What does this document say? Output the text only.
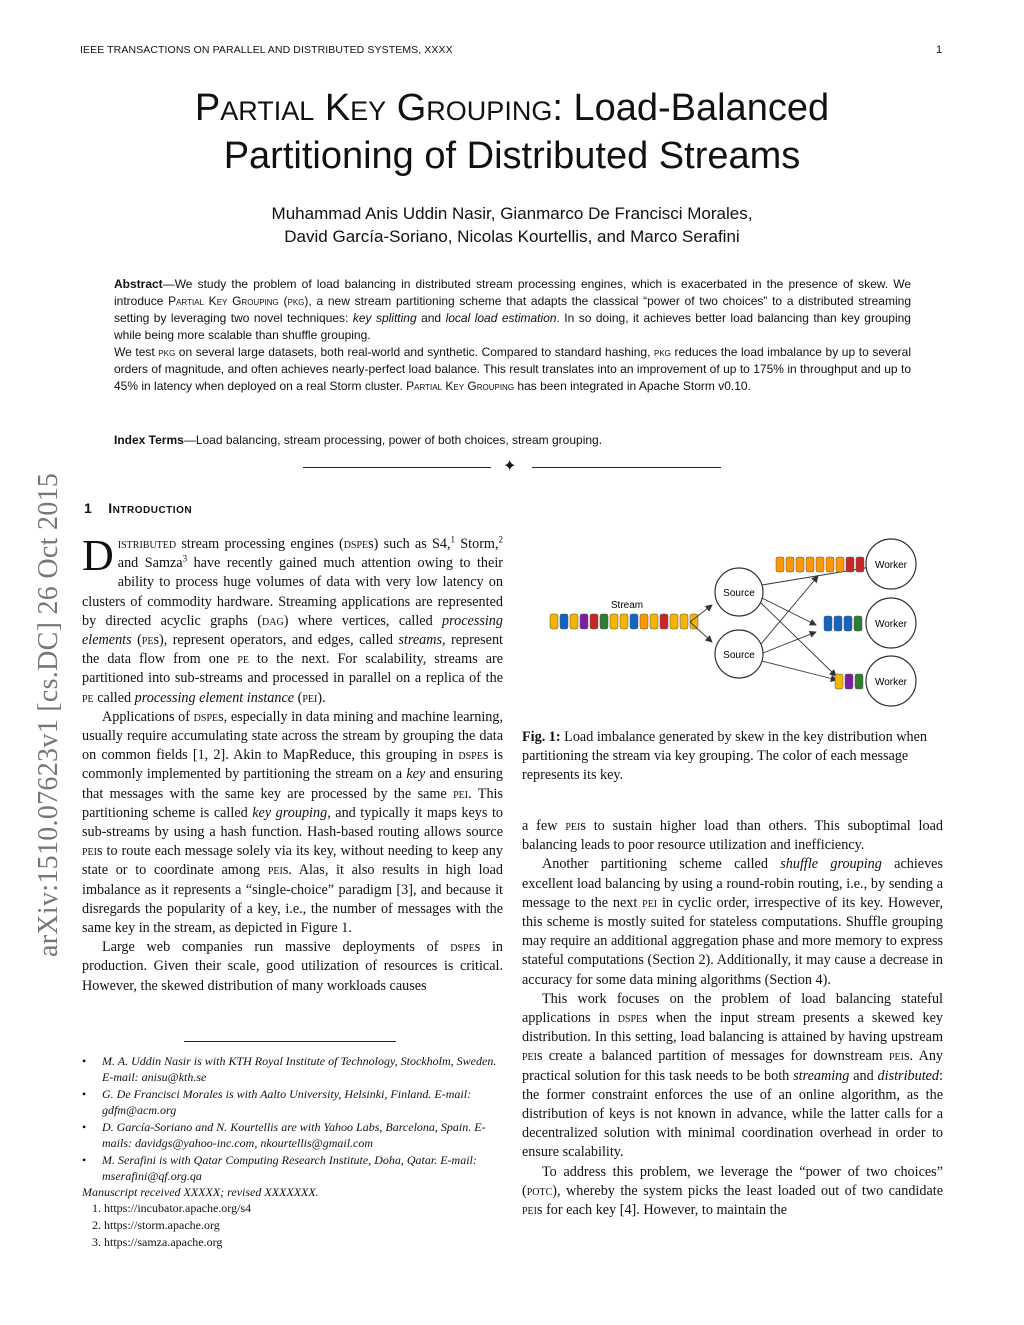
IEEE TRANSACTIONS ON PARALLEL AND DISTRIBUTED SYSTEMS, XXXX	1
arXiv:1510.07623v1 [cs.DC] 26 Oct 2015
Partial Key Grouping: Load-Balanced
Partitioning of Distributed Streams
Muhammad Anis Uddin Nasir, Gianmarco De Francisci Morales,
David García-Soriano, Nicolas Kourtellis, and Marco Serafini

Abstract—We study the problem of load balancing in distributed stream processing engines, which is exacerbated in the presence of skew. We introduce Partial Key Grouping (pkg), a new stream partitioning scheme that adapts the classical “power of two choices” to a distributed streaming setting by leveraging two novel techniques: key splitting and local load estimation. In so doing, it achieves better load balancing than key grouping while being more scalable than shuffle grouping.

We test pkg on several large datasets, both real-world and synthetic. Compared to standard hashing, pkg reduces the load imbalance by up to several orders of magnitude, and often achieves nearly-perfect load balance. This result translates into an improvement of up to 175% in throughput and up to 45% in latency when deployed on a real Storm cluster. Partial Key Grouping has been integrated in Apache Storm v0.10.

Index Terms—Load balancing, stream processing, power of both choices, stream grouping.
✦
1 Introduction

Distributed stream processing engines (dspes) such as S4,$^1$ Storm,$^2$ and Samza$^3$ have recently gained much attention owing to their ability to process huge volumes of data with very low latency on clusters of commodity hardware. Streaming applications are represented by directed acyclic graphs (dag) where vertices, called processing elements (pes), represent operators, and edges, called streams, represent the data flow from one pe to the next. For scalability, streams are partitioned into sub-streams and processed in parallel on a replica of the pe called processing element instance (pei).

Applications of dspes, especially in data mining and machine learning, usually require accumulating state across the stream by grouping the data on common fields [1, 2]. Akin to MapReduce, this grouping in dspes is commonly implemented by partitioning the stream on a key and ensuring that messages with the same key are processed by the same pei. This partitioning scheme is called key grouping, and typically it maps keys to sub-streams by using a hash function. Hash-based routing allows source peis to route each message solely via its key, without needing to keep any state or to coordinate among peis. Alas, it also results in high load imbalance as it represents a “single-choice” paradigm [3], and because it disregards the popularity of a key, i.e., the number of messages with the same key in the stream, as depicted in Figure 1.

Large web companies run massive deployments of dspes in production. Given their scale, good utilization of resources is critical. However, the skewed distribution of many workloads causes

• M. A. Uddin Nasir is with KTH Royal Institute of Technology, Stockholm, Sweden. E-mail: anisu@kth.se
• G. De Francisci Morales is with Aalto University, Helsinki, Finland. E-mail: gdfm@acm.org
• D. García-Soriano and N. Kourtellis are with Yahoo Labs, Barcelona, Spain. E-mails: davidgs@yahoo-inc.com, nkourtellis@gmail.com
• M. Serafini is with Qatar Computing Research Institute, Doha, Qatar. E-mail: mserafini@qf.org.qa
Manuscript received XXXXX; revised XXXXXXX.
1. https://incubator.apache.org/s4
2. https://storm.apache.org
3. https://samza.apache.org
Stream
Source
Source
Worker
Worker
Worker
Fig. 1: Load imbalance generated by skew in the key distribution when partitioning the stream via key grouping. The color of each message represents its key.

a few peis to sustain higher load than others. This suboptimal load balancing leads to poor resource utilization and inefficiency.

Another partitioning scheme called shuffle grouping achieves excellent load balancing by using a round-robin routing, i.e., by sending a message to the next pei in cyclic order, irrespective of its key. However, this scheme is mostly suited for stateless computations. Shuffle grouping may require an additional aggregation phase and more memory to express stateful computations (Section 2). Additionally, it may cause a decrease in accuracy for some data mining algorithms (Section 4).

This work focuses on the problem of load balancing stateful applications in dspes when the input stream presents a skewed key distribution. In this setting, load balancing is attained by having upstream peis create a balanced partition of messages for downstream peis. Any practical solution for this task needs to be both streaming and distributed: the former constraint enforces the use of an online algorithm, as the distribution of keys is not known in advance, while the latter calls for a decentralized solution with minimal coordination overhead in order to ensure scalability.

To address this problem, we leverage the “power of two choices” (potc), whereby the system picks the least loaded out of two candidate peis for each key [4]. However, to maintain the
